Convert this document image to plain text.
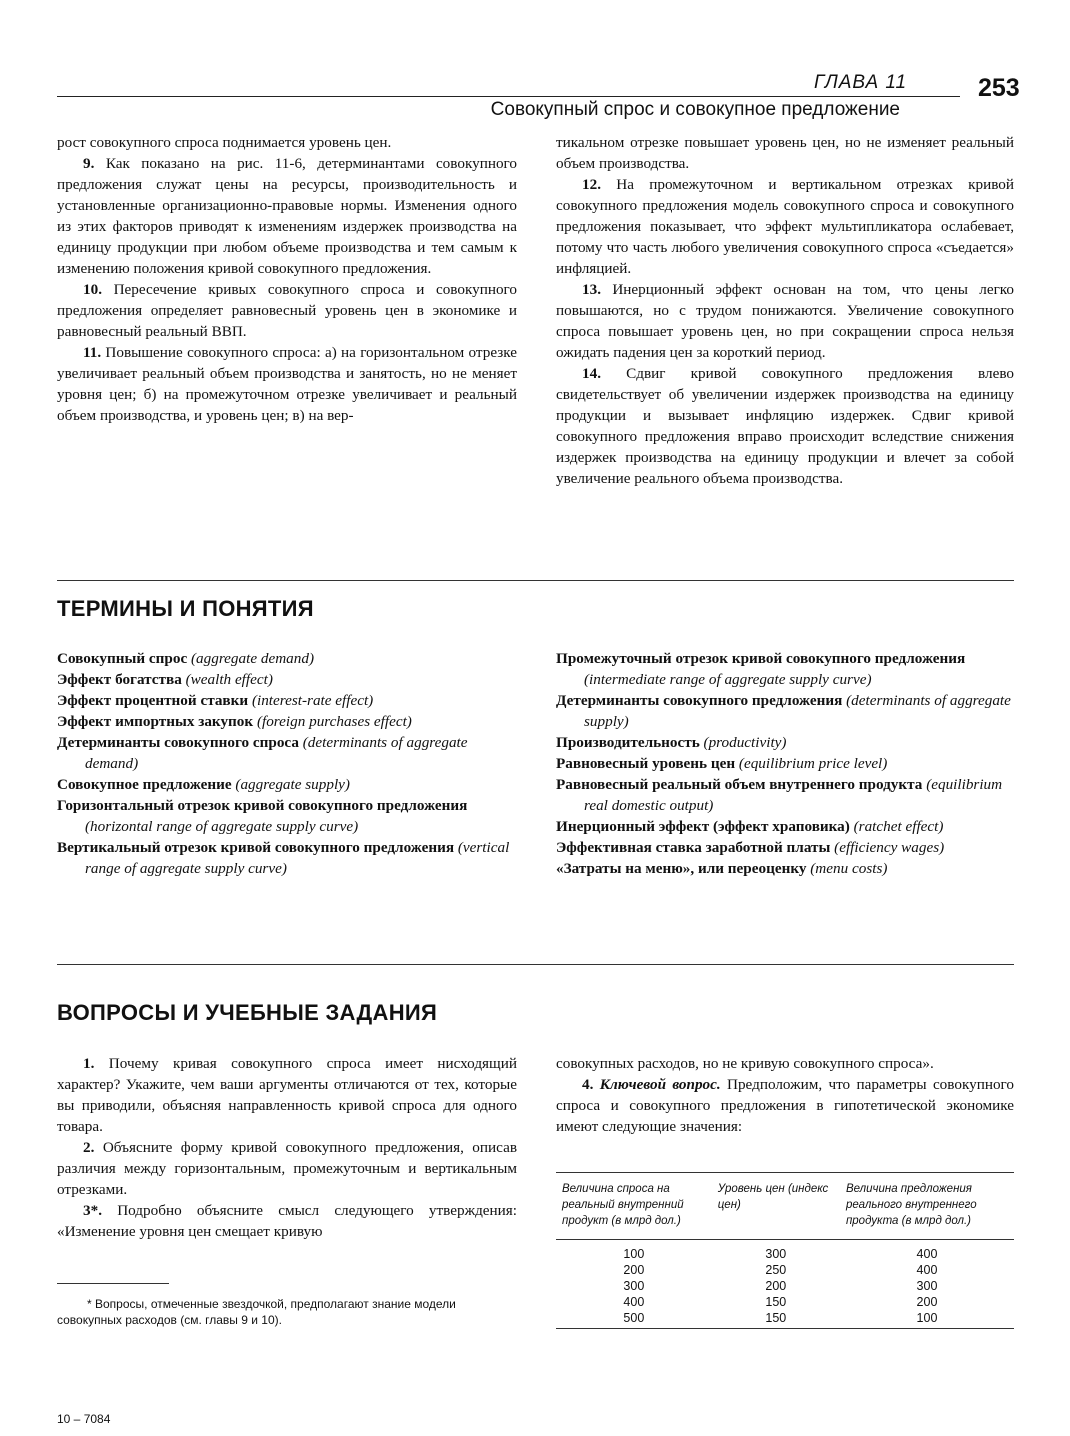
ГЛАВА 11	253
Совокупный спрос и совокупное предложение

рост совокупного спроса поднимается уровень цен.

9. Как показано на рис. 11-6, детерминантами совокупного предложения служат цены на ресурсы, производительность и установленные организационно-правовые нормы. Изменения одного из этих факторов приводят к изменениям издержек производства на единицу продукции при любом объеме производства и тем самым к изменению положения кривой совокупного предложения.

10. Пересечение кривых совокупного спроса и совокупного предложения определяет равновесный уровень цен в экономике и равновесный реальный ВВП.

11. Повышение совокупного спроса: а) на горизонтальном отрезке увеличивает реальный объем производства и занятость, но не меняет уровня цен; б) на промежуточном отрезке увеличивает и реальный объем производства, и уровень цен; в) на вер-

тикальном отрезке повышает уровень цен, но не изменяет реальный объем производства.

12. На промежуточном и вертикальном отрезках кривой совокупного предложения модель совокупного спроса и совокупного предложения показывает, что эффект мультипликатора ослабевает, потому что часть любого увеличения совокупного спроса «съедается» инфляцией.

13. Инерционный эффект основан на том, что цены легко повышаются, но с трудом понижаются. Увеличение совокупного спроса повышает уровень цен, но при сокращении спроса нельзя ожидать падения цен за короткий период.

14. Сдвиг кривой совокупного предложения влево свидетельствует об увеличении издержек производства на единицу продукции и вызывает инфляцию издержек. Сдвиг кривой совокупного предложения вправо происходит вследствие снижения издержек производства на единицу продукции и влечет за собой увеличение реального объема производства.

ТЕРМИНЫ И ПОНЯТИЯ

Совокупный спрос (aggregate demand)

Эффект богатства (wealth effect)

Эффект процентной ставки (interest-rate effect)

Эффект импортных закупок (foreign purchases effect)

Детерминанты совокупного спроса (determinants of aggregate demand)

Совокупное предложение (aggregate supply)

Горизонтальный отрезок кривой совокупного предложения (horizontal range of aggregate supply curve)

Вертикальный отрезок кривой совокупного предложения (vertical range of aggregate supply curve)

Промежуточный отрезок кривой совокупного предложения (intermediate range of aggregate supply curve)

Детерминанты совокупного предложения (determinants of aggregate supply)

Производительность (productivity)

Равновесный уровень цен (equilibrium price level)

Равновесный реальный объем внутреннего продукта (equilibrium real domestic output)

Инерционный эффект (эффект храповика) (ratchet effect)

Эффективная ставка заработной платы (efficiency wages)

«Затраты на меню», или переоценку (menu costs)

ВОПРОСЫ И УЧЕБНЫЕ ЗАДАНИЯ

1. Почему кривая совокупного спроса имеет нисходящий характер? Укажите, чем ваши аргументы отличаются от тех, которые вы приводили, объясняя направленность кривой спроса для одного товара.

2. Объясните форму кривой совокупного предложения, описав различия между горизонтальным, промежуточным и вертикальным отрезками.

3*. Подробно объясните смысл следующего утверждения: «Изменение уровня цен смещает кривую

совокупных расходов, но не кривую совокупного спроса».

4. Ключевой вопрос. Предположим, что параметры совокупного спроса и совокупного предложения в гипотетической экономике имеют следующие значения:

Величина спроса на реальный внутренний продукт (в млрд дол.)	Уровень цен (индекс цен)	Величина предложения реального внутреннего продукта (в млрд дол.)
100	300	400
200	250	400
300	200	300
400	150	200
500	150	100
* Вопросы, отмеченные звездочкой, предполагают знание модели совокупных расходов (см. главы 9 и 10).
10 – 7084
